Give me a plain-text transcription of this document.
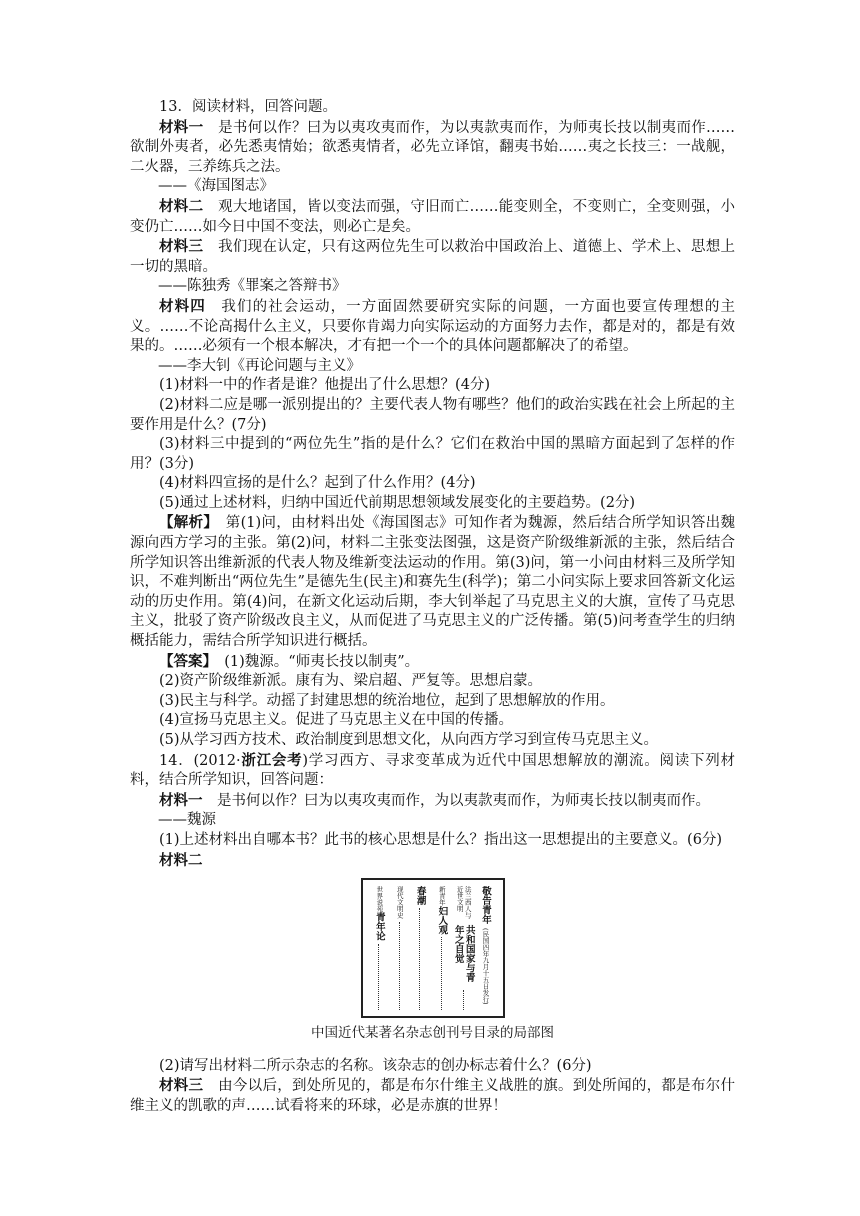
13．阅读材料，回答问题。

材料一　是书何以作？曰为以夷攻夷而作，为以夷款夷而作，为师夷长技以制夷而作……欲制外夷者，必先悉夷情始；欲悉夷情者，必先立译馆，翻夷书始……夷之长技三：一战舰，二火器，三养练兵之法。

——《海国图志》

材料二　观大地诸国，皆以变法而强，守旧而亡……能变则全，不变则亡，全变则强，小变仍亡……如今日中国不变法，则必亡是矣。

材料三　我们现在认定，只有这两位先生可以救治中国政治上、道德上、学术上、思想上一切的黑暗。

——陈独秀《罪案之答辩书》

材料四　我们的社会运动，一方面固然要研究实际的问题，一方面也要宣传理想的主义。……不论高揭什么主义，只要你肯竭力向实际运动的方面努力去作，都是对的，都是有效果的。……必须有一个根本解决，才有把一个一个的具体问题都解决了的希望。

——李大钊《再论问题与主义》

(1)材料一中的作者是谁？他提出了什么思想？(4分)

(2)材料二应是哪一派别提出的？主要代表人物有哪些？他们的政治实践在社会上所起的主要作用是什么？(7分)

(3)材料三中提到的“两位先生”指的是什么？它们在救治中国的黑暗方面起到了怎样的作用？(3分)

(4)材料四宣扬的是什么？起到了什么作用？(4分)

(5)通过上述材料，归纳中国近代前期思想领域发展变化的主要趋势。(2分)

【解析】　第(1)问，由材料出处《海国图志》可知作者为魏源，然后结合所学知识答出魏源向西方学习的主张。第(2)问，材料二主张变法图强，这是资产阶级维新派的主张，然后结合所学知识答出维新派的代表人物及维新变法运动的作用。第(3)问，第一小问由材料三及所学知识，不难判断出“两位先生”是德先生(民主)和赛先生(科学)；第二小问实际上要求回答新文化运动的历史作用。第(4)问，在新文化运动后期，李大钊举起了马克思主义的大旗，宣传了马克思主义，批驳了资产阶级改良主义，从而促进了马克思主义的广泛传播。第(5)问考查学生的归纳概括能力，需结合所学知识进行概括。

【答案】　(1)魏源。“师夷长技以制夷”。

(2)资产阶级维新派。康有为、梁启超、严复等。思想启蒙。

(3)民主与科学。动摇了封建思想的统治地位，起到了思想解放的作用。

(4)宣扬马克思主义。促进了马克思主义在中国的传播。

(5)从学习西方技术、政治制度到思想文化，从向西方学习到宣传马克思主义。

14．(2012·浙江会考)学习西方、寻求变革成为近代中国思想解放的潮流。阅读下列材料，结合所学知识，回答问题：

材料一　是书何以作？曰为以夷攻夷而作，为以夷款夷而作，为师夷长技以制夷而作。

——魏源

(1)上述材料出自哪本书？此书的核心思想是什么？指出这一思想提出的主要意义。(6分)

材料二

敬告青年
(民国四年九月十五日发行)
法兰西人与近世文明
共和国家与青年之自觉
新青年
妇人观
春潮
现代文明史
世界说苑
青年论

中国近代某著名杂志创刊号目录的局部图

(2)请写出材料二所示杂志的名称。该杂志的创办标志着什么？(6分)

材料三　由今以后，到处所见的，都是布尔什维主义战胜的旗。到处所闻的，都是布尔什维主义的凯歌的声……试看将来的环球，必是赤旗的世界！
